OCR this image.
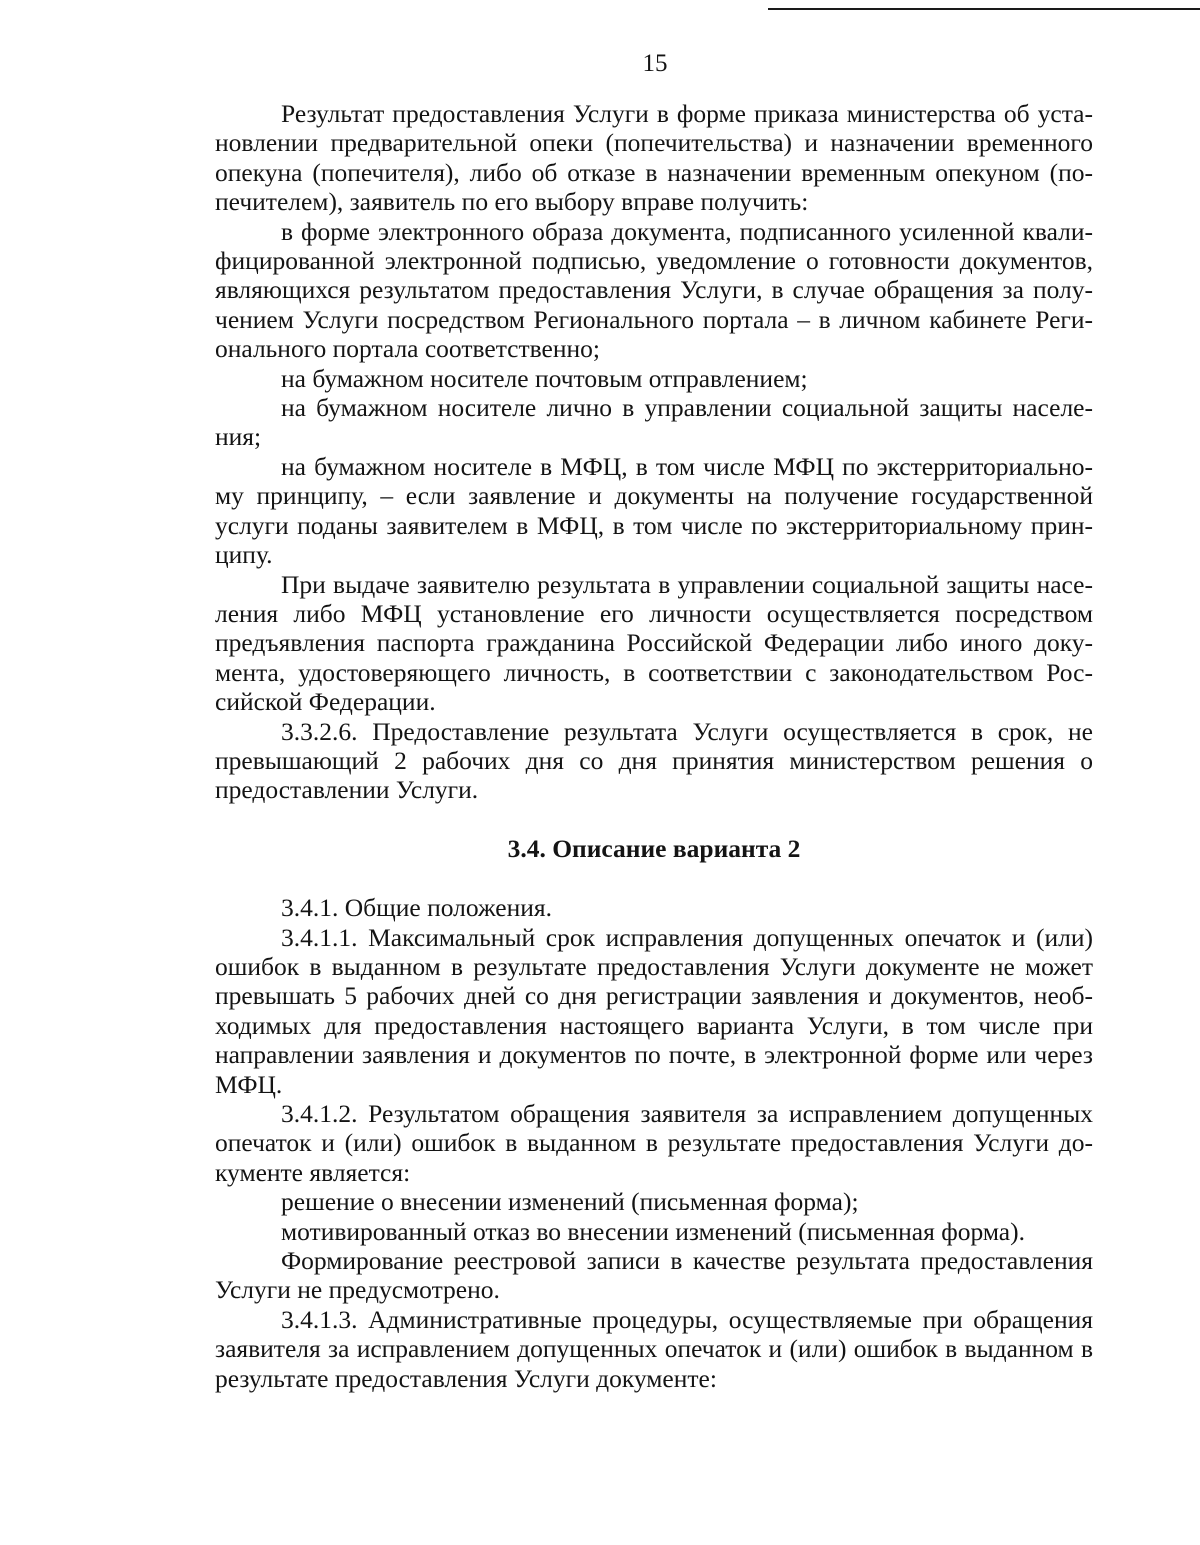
15

Результат предоставления Услуги в форме приказа министерства об установлении предварительной опеки (попечительства) и назначении временного опекуна (попечителя), либо об отказе в назначении временным опекуном (попечителем), заявитель по его выбору вправе получить:

в форме электронного образа документа, подписанного усиленной квалифицированной электронной подписью, уведомление о готовности документов, являющихся результатом предоставления Услуги, в случае обращения за получением Услуги посредством Регионального портала – в личном кабинете Регионального портала соответственно;

на бумажном носителе почтовым отправлением;

на бумажном носителе лично в управлении социальной защиты населения;

на бумажном носителе в МФЦ, в том числе МФЦ по экстерриториальному принципу, – если заявление и документы на получение государственной услуги поданы заявителем в МФЦ, в том числе по экстерриториальному принципу.

При выдаче заявителю результата в управлении социальной защиты населения либо МФЦ установление его личности осуществляется посредством предъявления паспорта гражданина Российской Федерации либо иного документа, удостоверяющего личность, в соответствии с законодательством Российской Федерации.

3.3.2.6. Предоставление результата Услуги осуществляется в срок, не превышающий 2 рабочих дня со дня принятия министерством решения о предоставлении Услуги.

3.4. Описание варианта 2

3.4.1. Общие положения.

3.4.1.1. Максимальный срок исправления допущенных опечаток и (или) ошибок в выданном в результате предоставления Услуги документе не может превышать 5 рабочих дней со дня регистрации заявления и документов, необходимых для предоставления настоящего варианта Услуги, в том числе при направлении заявления и документов по почте, в электронной форме или через МФЦ.

3.4.1.2. Результатом обращения заявителя за исправлением допущенных опечаток и (или) ошибок в выданном в результате предоставления Услуги документе является:

решение о внесении изменений (письменная форма);

мотивированный отказ во внесении изменений (письменная форма).

Формирование реестровой записи в качестве результата предоставления Услуги не предусмотрено.

3.4.1.3. Административные процедуры, осуществляемые при обращения заявителя за исправлением допущенных опечаток и (или) ошибок в выданном в результате предоставления Услуги документе:
